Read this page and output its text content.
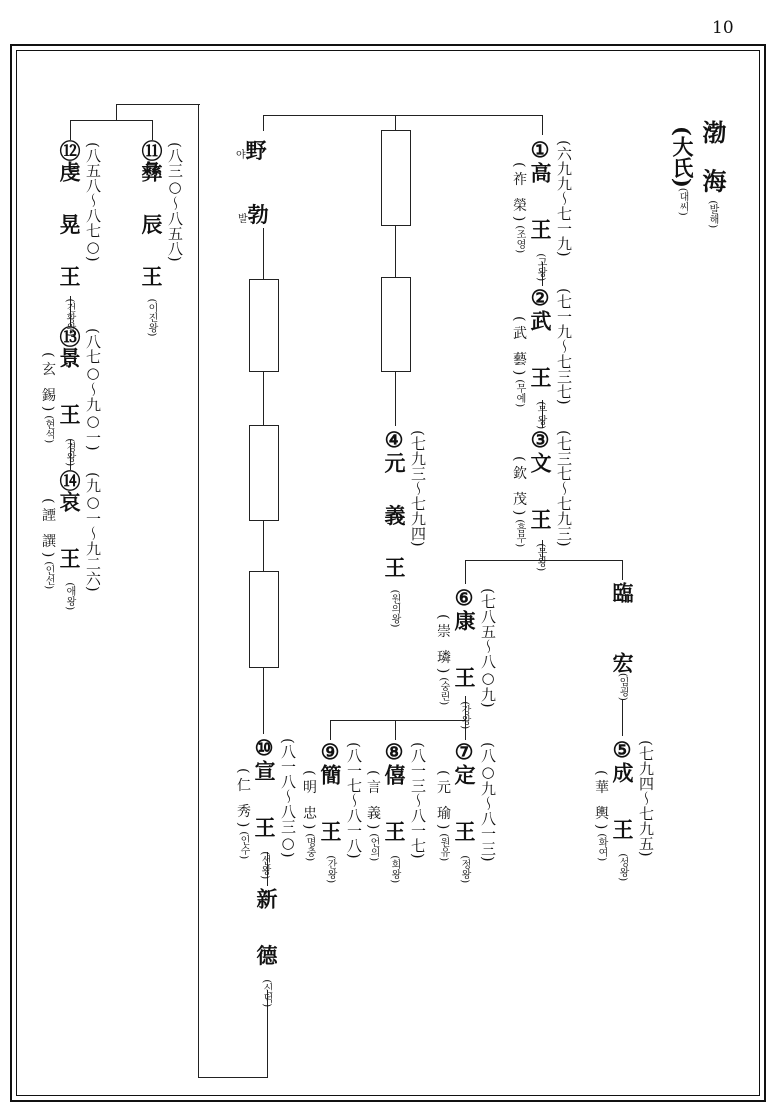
10
渤 海(발해)
(大氏)(대씨)
①高 王(고왕)
(六九九～七一九)
(祚 榮)(조영)
②武 王(무왕)
(七一九～七三七)
(武 藝)(무예)
③文 王(문왕)
(七三七～七九三)
(欽 茂)(흠무)
④元 義 王(원의왕)
(七九三～七九四)
臨
宏(임굉)
⑤成 王(성왕)
(七九四～七九五)
(華 輿)(화여)
⑥康 王(강왕)
(七八五～八○九)
(崇 璘)(숭린)
⑦定 王(정왕)
(八○九～八一三)
(元 瑜)(원유)
⑧僖 王(희왕)
(八一三～八一七)
(言 義)(언의)
⑨簡 王(간왕)
(八一七～八一八)
(明 忠)(명충)
⑩宣 王(선왕)
(八一八～八三○)
(仁 秀)(인수)
新 德(신덕)
야野
발勃
⑪彝 辰 王(이진왕)
(八三○～八五八)
⑫虔 晃 王(건황왕)
(八五八～八七○)
⑬景 王(경왕)
(八七○～九○一)
(玄 錫)(현석)
⑭哀 王(애왕)
(九○一～九二六)
(諲 譔)(인선)
